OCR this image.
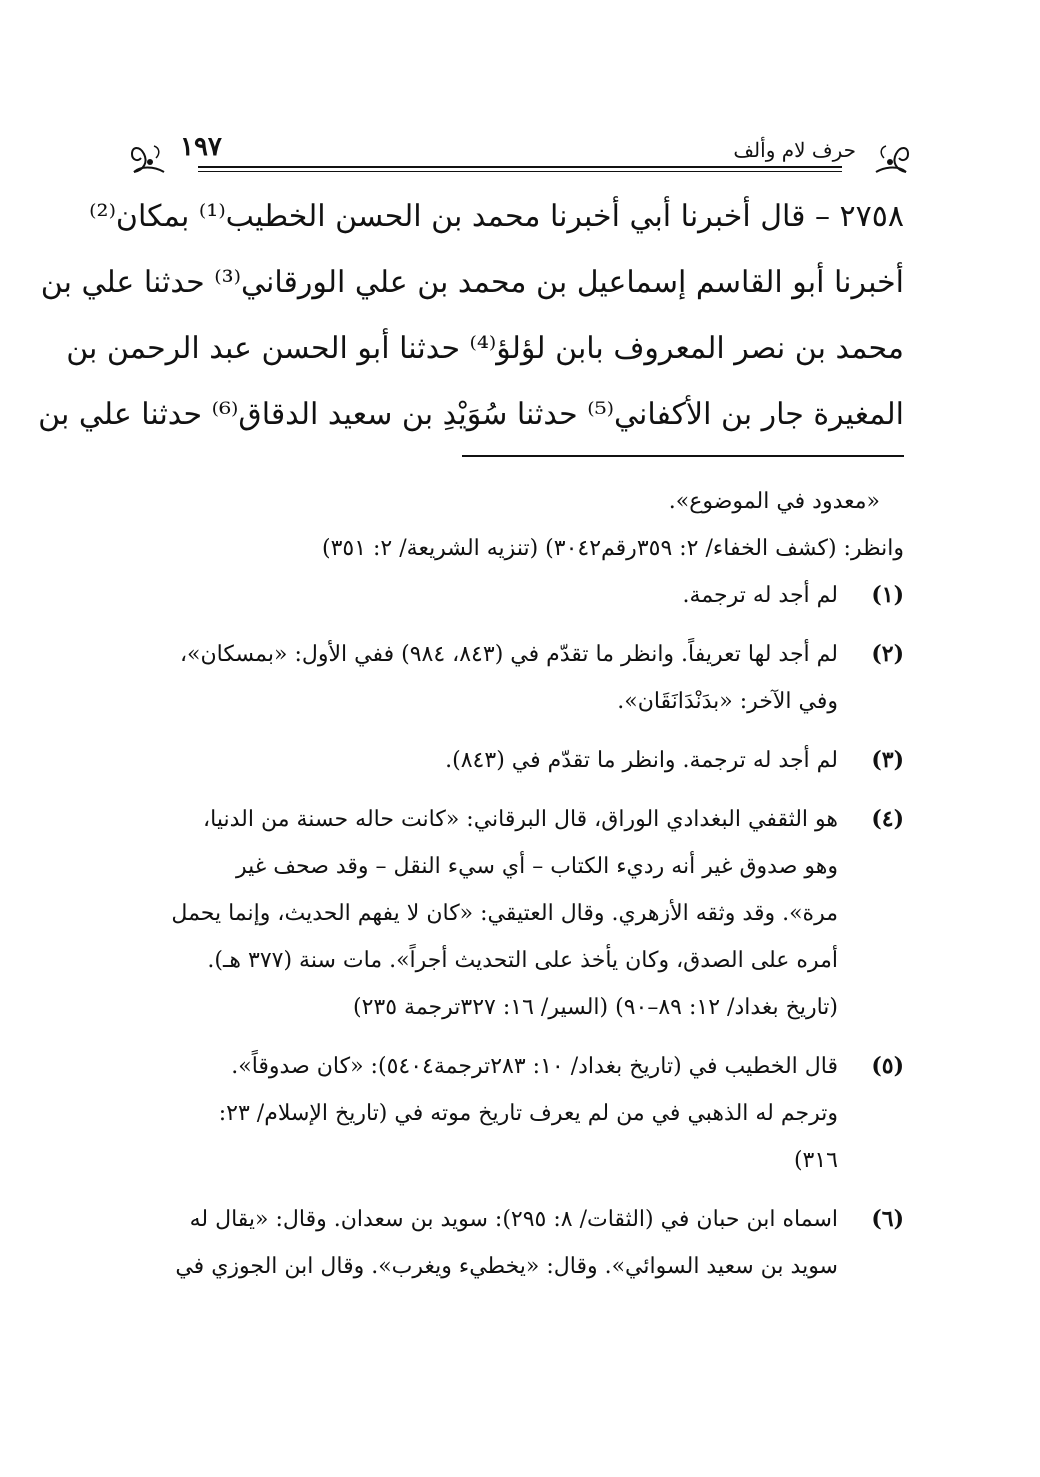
حرف لام وألف
١٩٧
٢٧٥٨ – قال أخبرنا أبي أخبرنا محمد بن الحسن الخطيب⁽¹⁾ بمكان⁽²⁾
أخبرنا أبو القاسم إسماعيل بن محمد بن علي الورقاني⁽³⁾ حدثنا علي بن
محمد بن نصر المعروف بابن لؤلؤ⁽⁴⁾ حدثنا أبو الحسن عبد الرحمن بن
المغيرة جار بن الأكفاني⁽⁵⁾ حدثنا سُوَيْدِ بن سعيد الدقاق⁽⁶⁾ حدثنا علي بن
«معدود في الموضوع».
وانظر: (كشف الخفاء/ ٢: ٣٥٩رقم٣٠٤٢) (تنزيه الشريعة/ ٢: ٣٥١)
(١)
لم أجد له ترجمة.
(٢)
لم أجد لها تعريفاً. وانظر ما تقدّم في (٨٤٣، ٩٨٤) ففي الأول: «بمسكان»،
وفي الآخر: «بدَنْدَانَقَان».
(٣)
لم أجد له ترجمة. وانظر ما تقدّم في (٨٤٣).
(٤)
هو الثقفي البغدادي الوراق، قال البرقاني: «كانت حاله حسنة من الدنيا،
وهو صدوق غير أنه رديء الكتاب – أي سيء النقل – وقد صحف غير
مرة». وقد وثقه الأزهري. وقال العتيقي: «كان لا يفهم الحديث، وإنما يحمل
أمره على الصدق، وكان يأخذ على التحديث أجراً». مات سنة (٣٧٧ هـ).
(تاريخ بغداد/ ١٢: ٨٩–٩٠) (السير/ ١٦: ٣٢٧ترجمة ٢٣٥)
(٥)
قال الخطيب في (تاريخ بغداد/ ١٠: ٢٨٣ترجمة٥٤٠٤): «كان صدوقاً».
وترجم له الذهبي في من لم يعرف تاريخ موته في (تاريخ الإسلام/ ٢٣:
٣١٦)
(٦)
اسماه ابن حبان في (الثقات/ ٨: ٢٩٥): سويد بن سعدان. وقال: «يقال له
سويد بن سعيد السوائي». وقال: «يخطيء ويغرب». وقال ابن الجوزي في
